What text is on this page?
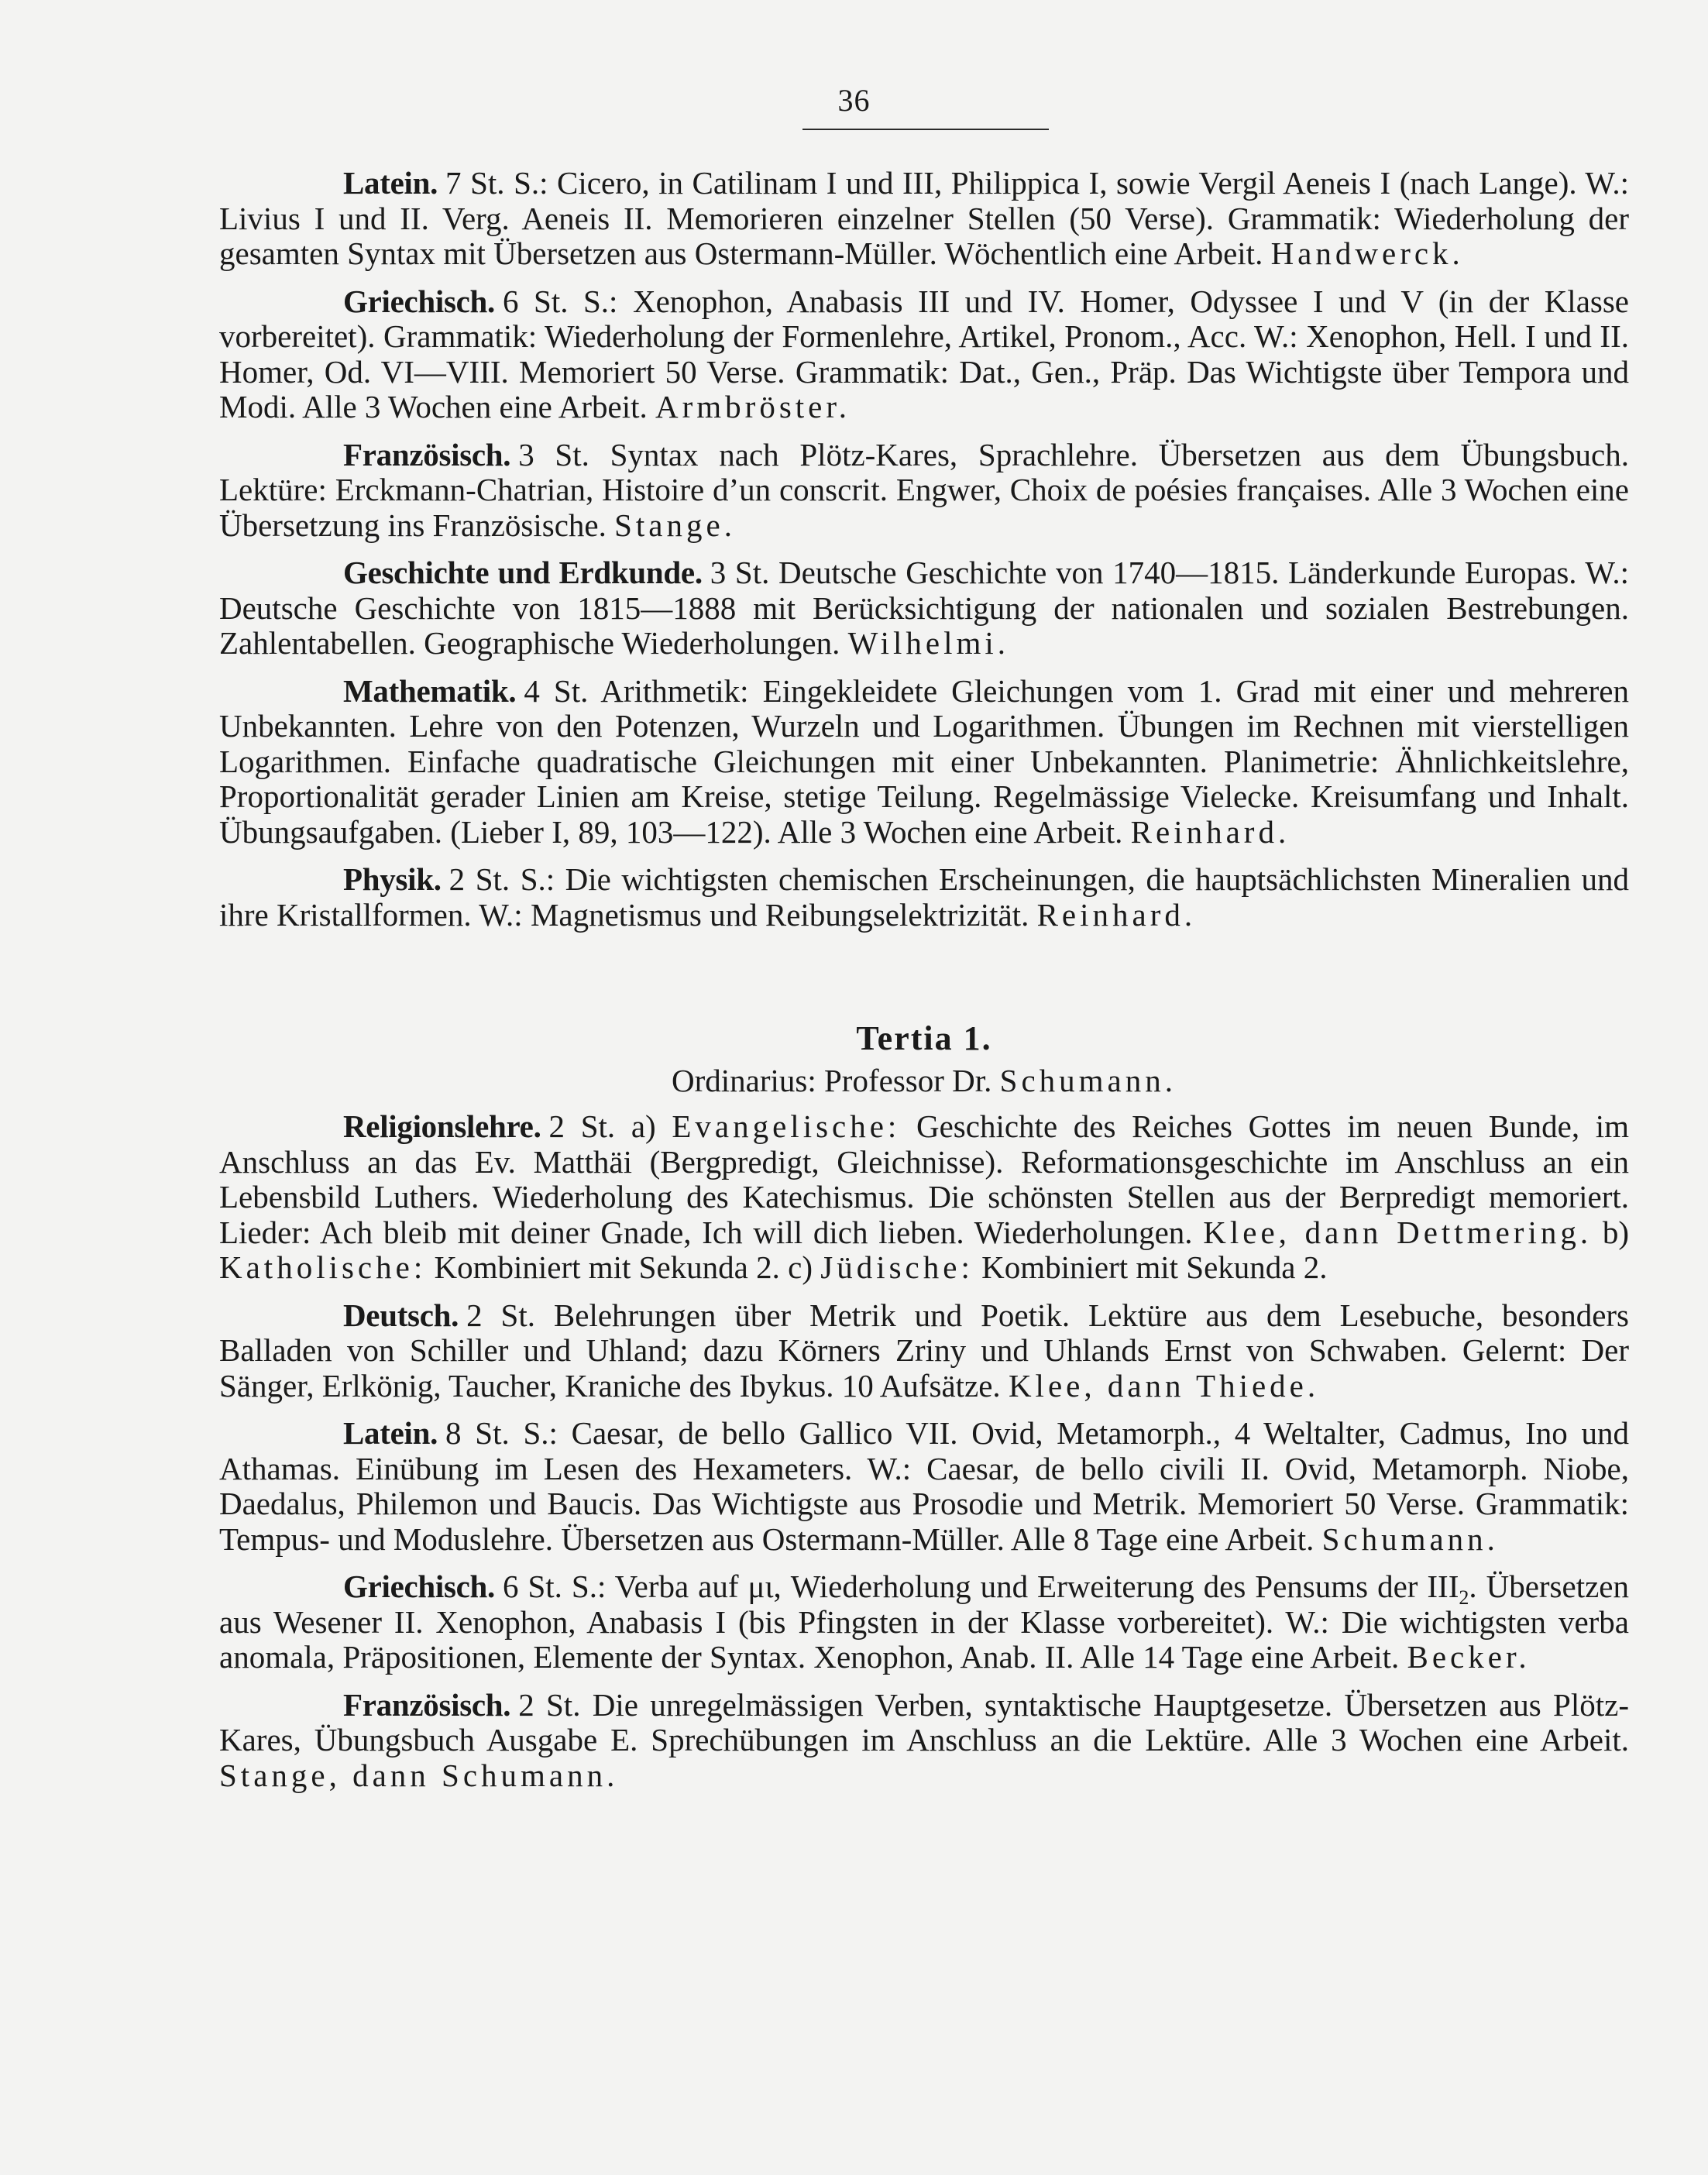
36

Latein. 7 St. S.: Cicero, in Catilinam I und III, Philippica I, sowie Vergil Aeneis I (nach Lange). W.: Livius I und II. Verg. Aeneis II. Memorieren einzelner Stellen (50 Verse). Grammatik: Wiederholung der gesamten Syntax mit Übersetzen aus Ostermann-Müller. Wöchentlich eine Arbeit. Handwerck.

Griechisch. 6 St. S.: Xenophon, Anabasis III und IV. Homer, Odyssee I und V (in der Klasse vorbereitet). Grammatik: Wiederholung der Formenlehre, Artikel, Pronom., Acc. W.: Xenophon, Hell. I und II. Homer, Od. VI—VIII. Memoriert 50 Verse. Grammatik: Dat., Gen., Präp. Das Wichtigste über Tempora und Modi. Alle 3 Wochen eine Arbeit. Armbröster.

Französisch. 3 St. Syntax nach Plötz-Kares, Sprachlehre. Übersetzen aus dem Übungsbuch. Lektüre: Erckmann-Chatrian, Histoire d’un conscrit. Engwer, Choix de poésies françaises. Alle 3 Wochen eine Übersetzung ins Französische. Stange.

Geschichte und Erdkunde. 3 St. Deutsche Geschichte von 1740—1815. Länderkunde Europas. W.: Deutsche Geschichte von 1815—1888 mit Berücksichtigung der nationalen und sozialen Bestrebungen. Zahlentabellen. Geographische Wiederholungen. Wilhelmi.

Mathematik. 4 St. Arithmetik: Eingekleidete Gleichungen vom 1. Grad mit einer und mehreren Unbekannten. Lehre von den Potenzen, Wurzeln und Logarithmen. Übungen im Rechnen mit vierstelligen Logarithmen. Einfache quadratische Gleichungen mit einer Unbekannten. Planimetrie: Ähnlichkeitslehre, Proportionalität gerader Linien am Kreise, stetige Teilung. Regelmässige Vielecke. Kreisumfang und Inhalt. Übungsaufgaben. (Lieber I, 89, 103—122). Alle 3 Wochen eine Arbeit. Reinhard.

Physik. 2 St. S.: Die wichtigsten chemischen Erscheinungen, die hauptsächlichsten Mineralien und ihre Kristallformen. W.: Magnetismus und Reibungselektrizität. Reinhard.

Tertia 1.
Ordinarius: Professor Dr. Schumann.

Religionslehre. 2 St. a) Evangelische: Geschichte des Reiches Gottes im neuen Bunde, im Anschluss an das Ev. Matthäi (Bergpredigt, Gleichnisse). Reformationsgeschichte im Anschluss an ein Lebensbild Luthers. Wiederholung des Katechismus. Die schönsten Stellen aus der Berpredigt memoriert. Lieder: Ach bleib mit deiner Gnade, Ich will dich lieben. Wiederholungen. Klee, dann Dettmering. b) Katholische: Kombiniert mit Sekunda 2. c) Jüdische: Kombiniert mit Sekunda 2.

Deutsch. 2 St. Belehrungen über Metrik und Poetik. Lektüre aus dem Lesebuche, besonders Balladen von Schiller und Uhland; dazu Körners Zriny und Uhlands Ernst von Schwaben. Gelernt: Der Sänger, Erlkönig, Taucher, Kraniche des Ibykus. 10 Aufsätze. Klee, dann Thiede.

Latein. 8 St. S.: Caesar, de bello Gallico VII. Ovid, Metamorph., 4 Weltalter, Cadmus, Ino und Athamas. Einübung im Lesen des Hexameters. W.: Caesar, de bello civili II. Ovid, Metamorph. Niobe, Daedalus, Philemon und Baucis. Das Wichtigste aus Prosodie und Metrik. Memoriert 50 Verse. Grammatik: Tempus- und Moduslehre. Übersetzen aus Ostermann-Müller. Alle 8 Tage eine Arbeit. Schumann.

Griechisch. 6 St. S.: Verba auf μι, Wiederholung und Erweiterung des Pensums der $III_2$. Übersetzen aus Wesener II. Xenophon, Anabasis I (bis Pfingsten in der Klasse vorbereitet). W.: Die wichtigsten verba anomala, Präpositionen, Elemente der Syntax. Xenophon, Anab. II. Alle 14 Tage eine Arbeit. Becker.

Französisch. 2 St. Die unregelmässigen Verben, syntaktische Hauptgesetze. Übersetzen aus Plötz-Kares, Übungsbuch Ausgabe E. Sprechübungen im Anschluss an die Lektüre. Alle 3 Wochen eine Arbeit. Stange, dann Schumann.
